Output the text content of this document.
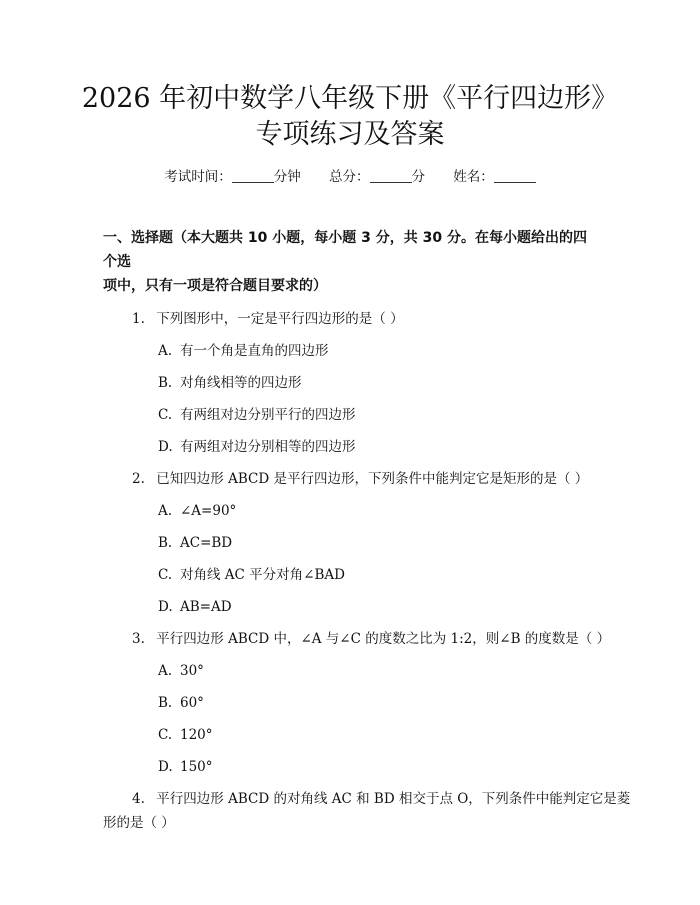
2026 年初中数学八年级下册《平行四边形》
专项练习及答案
考试时间：	分钟 总分：	分 姓名：
一、选择题（本大题共 10 小题，每小题 3 分，共 30 分。在每小题给出的四个选
项中，只有一项是符合题目要求的）
1. 下列图形中，一定是平行四边形的是（ ）
A. 有一个角是直角的四边形
B. 对角线相等的四边形
C. 有两组对边分别平行的四边形
D. 有两组对边分别相等的四边形
2. 已知四边形 ABCD 是平行四边形，下列条件中能判定它是矩形的是（ ）
A. ∠A=90°
B. AC=BD
C. 对角线 AC 平分对角∠BAD
D. AB=AD
3. 平行四边形 ABCD 中，∠A 与∠C 的度数之比为 1:2，则∠B 的度数是（ ）
A. 30°
B. 60°
C. 120°
D. 150°
4. 平行四边形 ABCD 的对角线 AC 和 BD 相交于点 O，下列条件中能判定它是菱
形的是（ ）
